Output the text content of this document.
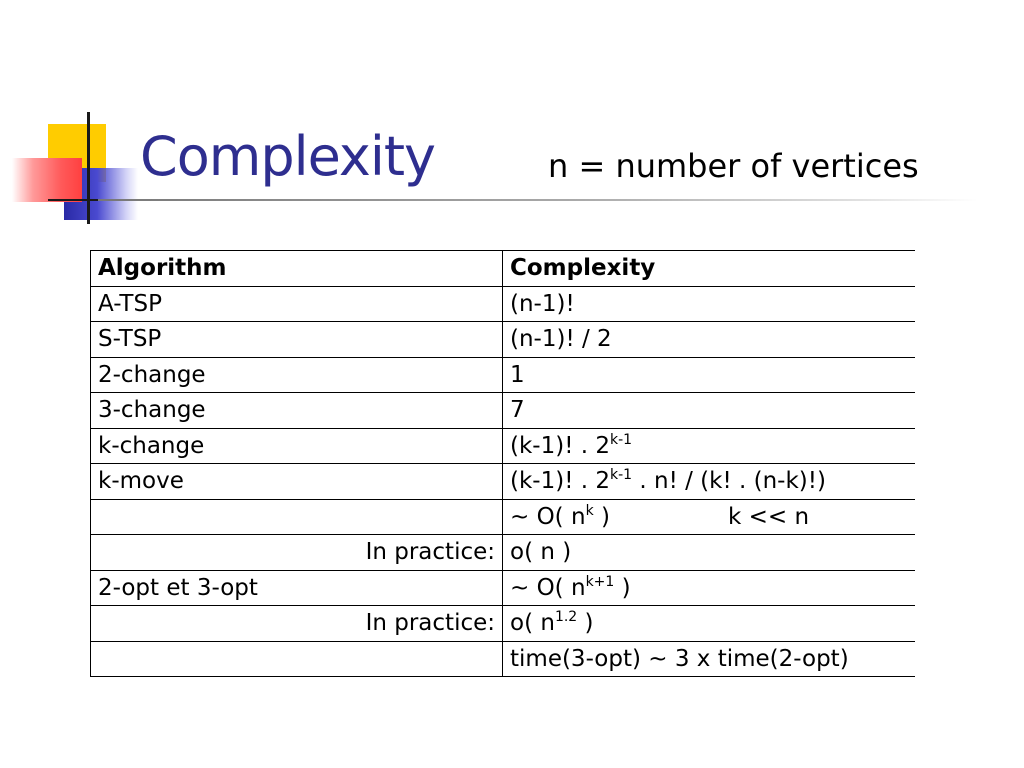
Complexity	n = number of vertices
Algorithm	Complexity
A-TSP	(n-1)!
S-TSP	(n-1)! / 2
2-change	1
3-change	7
k-change	(k-1)! . 2$^{k-1}$
k-move	(k-1)! . 2$^{k-1}$ . n! / (k! . (n-k)!)
	~ O( $n^k$ ) k << n
In practice:	o( n )
2-opt et 3-opt	~ O( $n^{k+1}$ )
In practice:	o( $n^{1.2}$ )
	time(3-opt) ~ 3 x time(2-opt)
